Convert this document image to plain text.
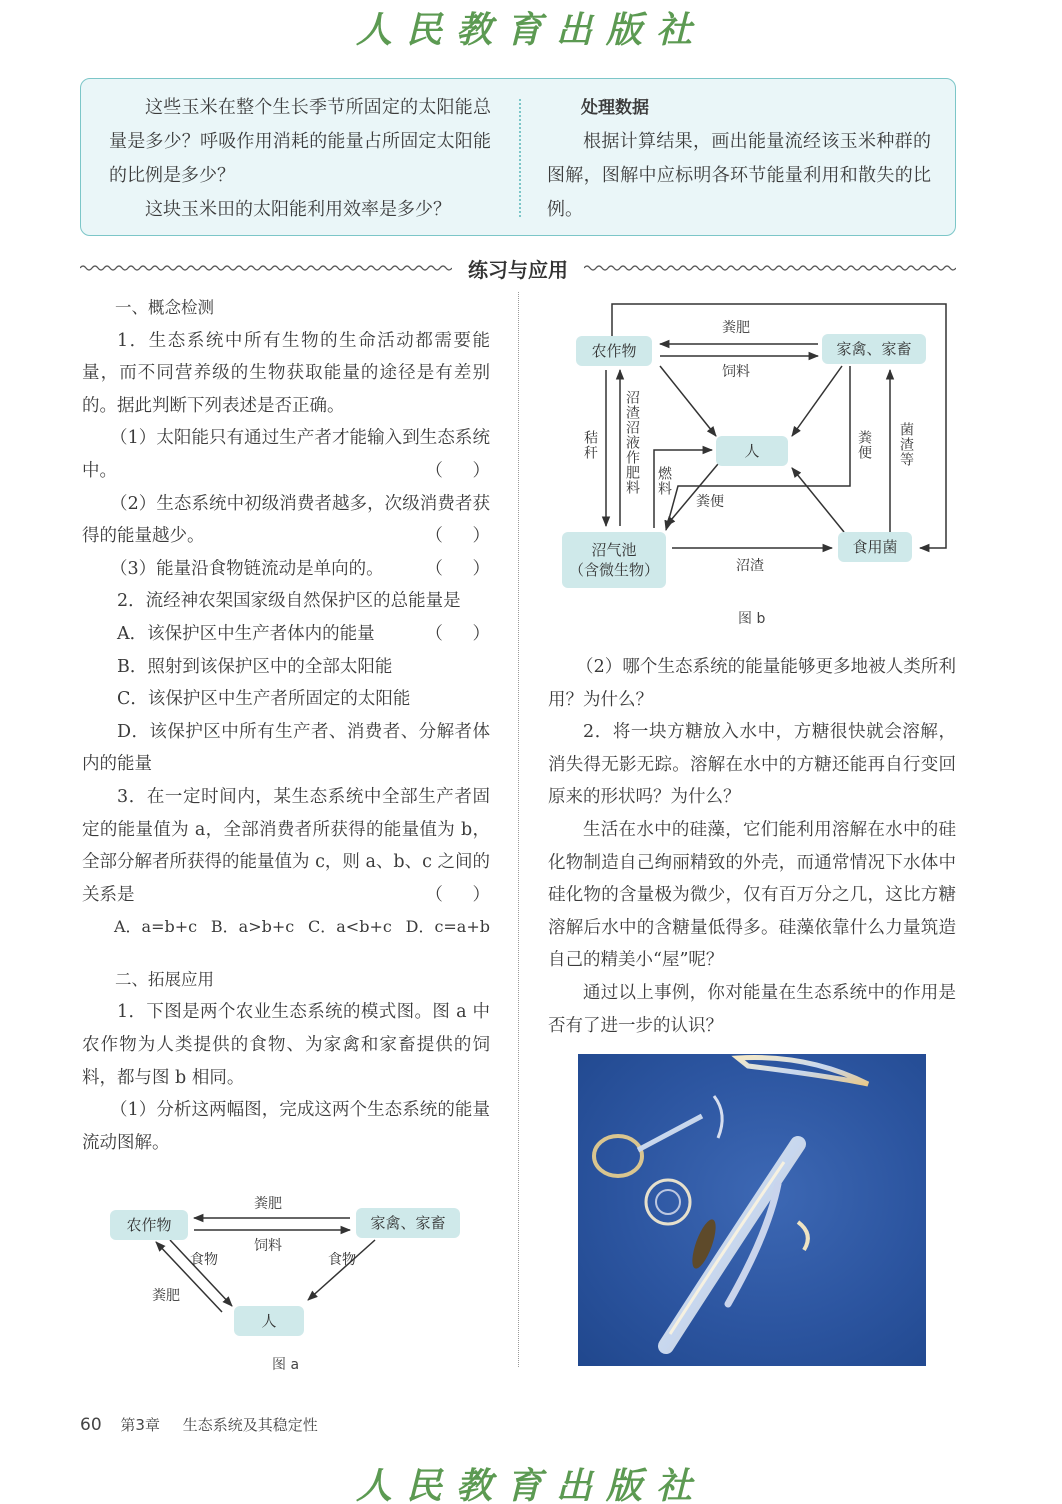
人民教育出版社

这些玉米在整个生长季节所固定的太阳能总量是多少？呼吸作用消耗的能量占所固定太阳能的比例是多少？

这块玉米田的太阳能利用效率是多少？

处理数据

根据计算结果，画出能量流经该玉米种群的图解，图解中应标明各环节能量利用和散失的比例。

练习与应用

一、概念检测

1．生态系统中所有生物的生命活动都需要能量，而不同营养级的生物获取能量的途径是有差别的。据此判断下列表述是否正确。

（1）太阳能只有通过生产者才能输入到生态系统中。	（ ）

（2）生态系统中初级消费者越多，次级消费者获得的能量越少。	（ ）

（3）能量沿食物链流动是单向的。	（ ）

2．流经神农架国家级自然保护区的总能量是

（ ）

A．该保护区中生产者体内的能量

B．照射到该保护区中的全部太阳能

C．该保护区中生产者所固定的太阳能

D．该保护区中所有生产者、消费者、分解者体内的能量

3．在一定时间内，某生态系统中全部生产者固定的能量值为 a，全部消费者所获得的能量值为 b，全部分解者所获得的能量值为 c，则 a、b、c 之间的关系是	（ ）

A．a=b+c B．a>b+c C．a<b+c D．c=a+b

二、拓展应用

1．下图是两个农业生态系统的模式图。图 a 中农作物为人类提供的食物、为家禽和家畜提供的饲料，都与图 b 相同。

（1）分析这两幅图，完成这两个生态系统的能量流动图解。

农作物	家禽、家畜
人
粪肥
饲料
食物	食物
粪肥
图 a
农作物	家禽、家畜
人
沼气池
（含微生物）
食用菌
粪肥
饲料
秸秆 沼渣沼液作肥料 燃料
粪便
粪便 菌渣等
沼渣
图 b

（2）哪个生态系统的能量能够更多地被人类所利用？为什么？

2．将一块方糖放入水中，方糖很快就会溶解，消失得无影无踪。溶解在水中的方糖还能再自行变回原来的形状吗？为什么？

生活在水中的硅藻，它们能利用溶解在水中的硅化物制造自己绚丽精致的外壳，而通常情况下水体中硅化物的含量极为微少，仅有百万分之几，这比方糖溶解后水中的含糖量低得多。硅藻依靠什么力量筑造自己的精美小“屋”呢？

通过以上事例，你对能量在生态系统中的作用是否有了进一步的认识？

60 第3章 生态系统及其稳定性
人民教育出版社
